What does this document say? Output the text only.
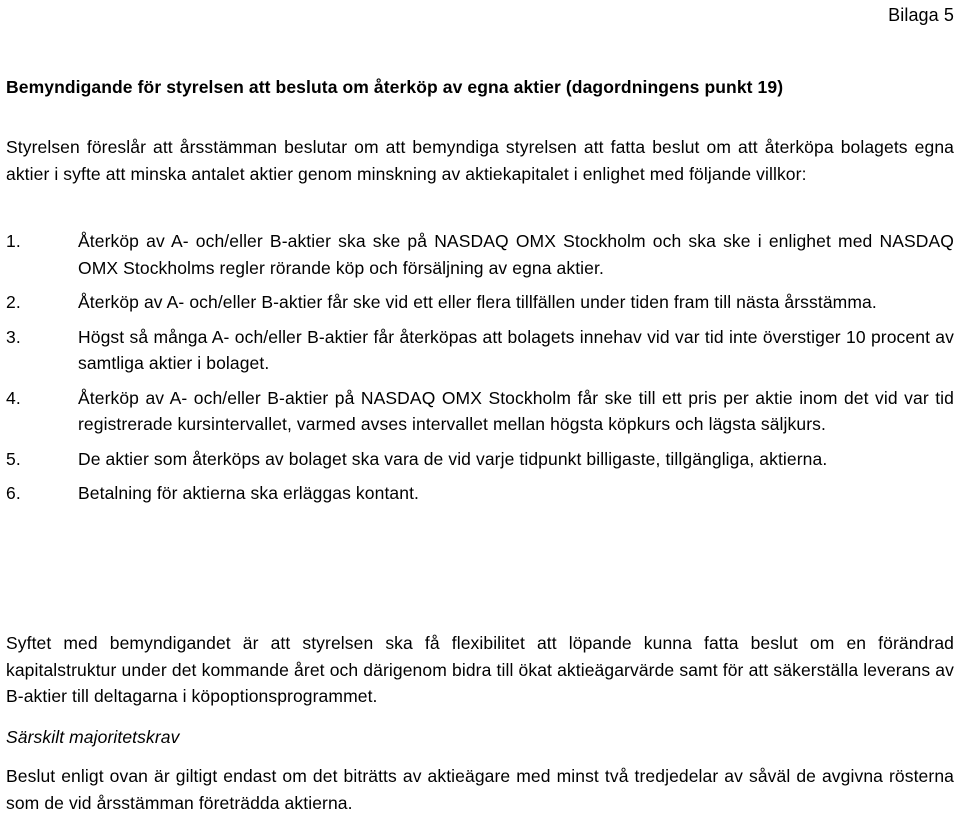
Bilaga 5
Bemyndigande för styrelsen att besluta om återköp av egna aktier (dagordningens punkt 19)

Styrelsen föreslår att årsstämman beslutar om att bemyndiga styrelsen att fatta beslut om att återköpa bolagets egna aktier i syfte att minska antalet aktier genom minskning av aktiekapitalet i enlighet med följande villkor:

1.	Återköp av A- och/eller B-aktier ska ske på NASDAQ OMX Stockholm och ska ske i enlighet med NASDAQ OMX Stockholms regler rörande köp och försäljning av egna aktier.
2.	Återköp av A- och/eller B-aktier får ske vid ett eller flera tillfällen under tiden fram till nästa årsstämma.
3.	Högst så många A- och/eller B-aktier får återköpas att bolagets innehav vid var tid inte överstiger 10 procent av samtliga aktier i bolaget.
4.	Återköp av A- och/eller B-aktier på NASDAQ OMX Stockholm får ske till ett pris per aktie inom det vid var tid registrerade kursintervallet, varmed avses intervallet mellan högsta köpkurs och lägsta säljkurs.
5.	De aktier som återköps av bolaget ska vara de vid varje tidpunkt billigaste, tillgängliga, aktierna.
6.	Betalning för aktierna ska erläggas kontant.

Syftet med bemyndigandet är att styrelsen ska få flexibilitet att löpande kunna fatta beslut om en förändrad kapitalstruktur under det kommande året och därigenom bidra till ökat aktieägarvärde samt för att säkerställa leverans av B-aktier till deltagarna i köpoptionsprogrammet.

Särskilt majoritetskrav

Beslut enligt ovan är giltigt endast om det biträtts av aktieägare med minst två tredjedelar av såväl de avgivna rösterna som de vid årsstämman företrädda aktierna.
